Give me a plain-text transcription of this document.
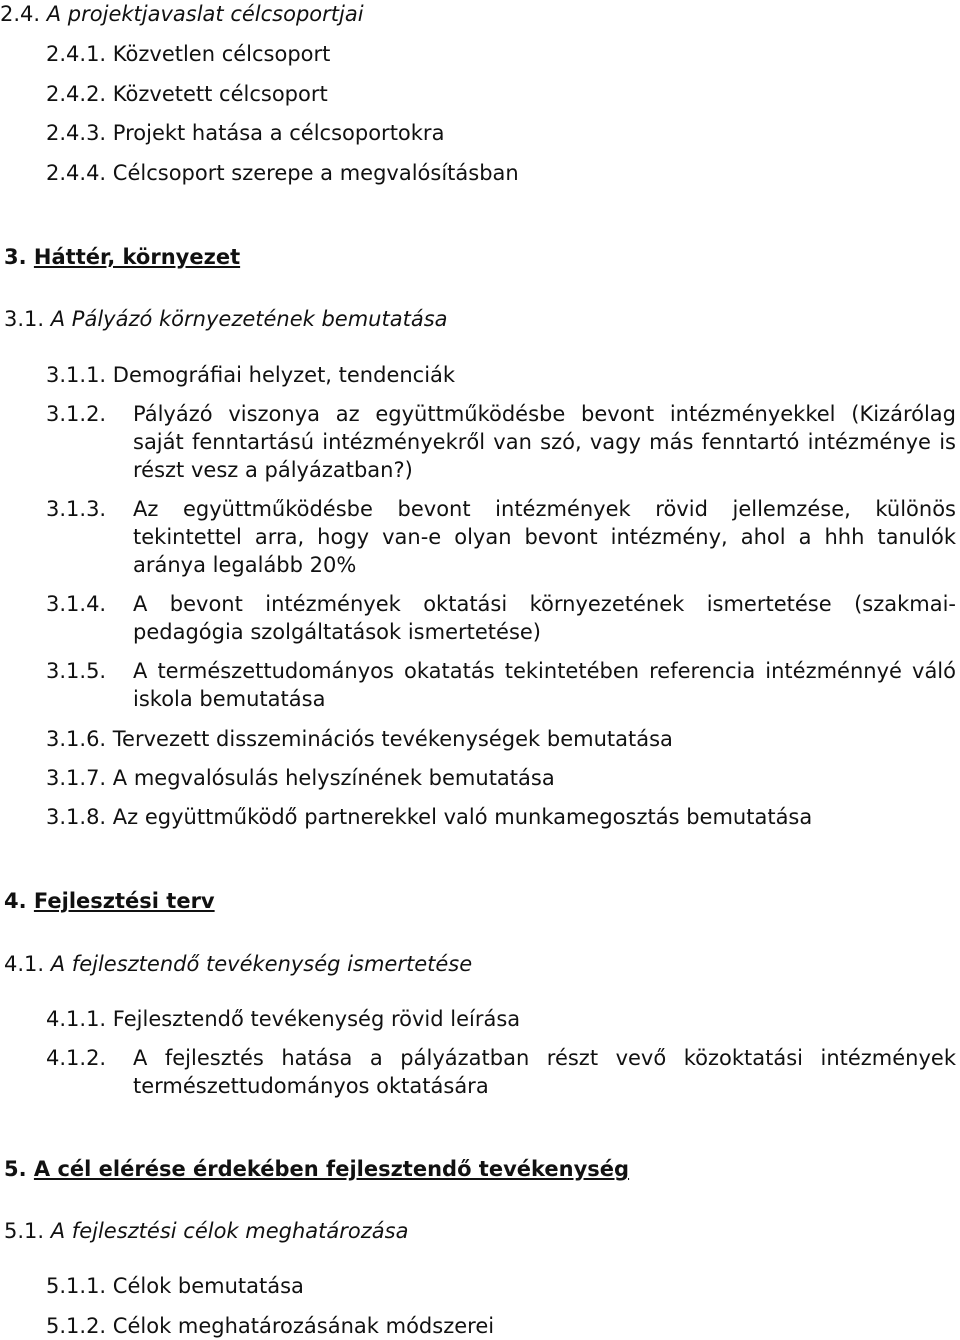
2.4. A projektjavaslat célcsoportjai
2.4.1. Közvetlen célcsoport
2.4.2. Közvetett célcsoport
2.4.3. Projekt hatása a célcsoportokra
2.4.4. Célcsoport szerepe a megvalósításban
3. Háttér, környezet
3.1. A Pályázó környezetének bemutatása
3.1.1. Demográfiai helyzet, tendenciák
3.1.2. Pályázó viszonya az együttműködésbe bevont intézményekkel (Kizárólag saját fenntartású intézményekről van szó, vagy más fenntartó intézménye is részt vesz a pályázatban?)
3.1.3. Az együttműködésbe bevont intézmények rövid jellemzése, különös tekintettel arra, hogy van-e olyan bevont intézmény, ahol a hhh tanulók aránya legalább 20%
3.1.4. A bevont intézmények oktatási környezetének ismertetése (szakmai-pedagógia szolgáltatások ismertetése)
3.1.5. A természettudományos okatatás tekintetében referencia intézménnyé váló iskola bemutatása
3.1.6. Tervezett disszeminációs tevékenységek bemutatása
3.1.7. A megvalósulás helyszínének bemutatása
3.1.8. Az együttműködő partnerekkel való munkamegosztás bemutatása
4. Fejlesztési terv
4.1. A fejlesztendő tevékenység ismertetése
4.1.1. Fejlesztendő tevékenység rövid leírása
4.1.2. A fejlesztés hatása a pályázatban részt vevő közoktatási intézmények természettudományos oktatására
5. A cél elérése érdekében fejlesztendő tevékenység
5.1. A fejlesztési célok meghatározása
5.1.1. Célok bemutatása
5.1.2. Célok meghatározásának módszerei
